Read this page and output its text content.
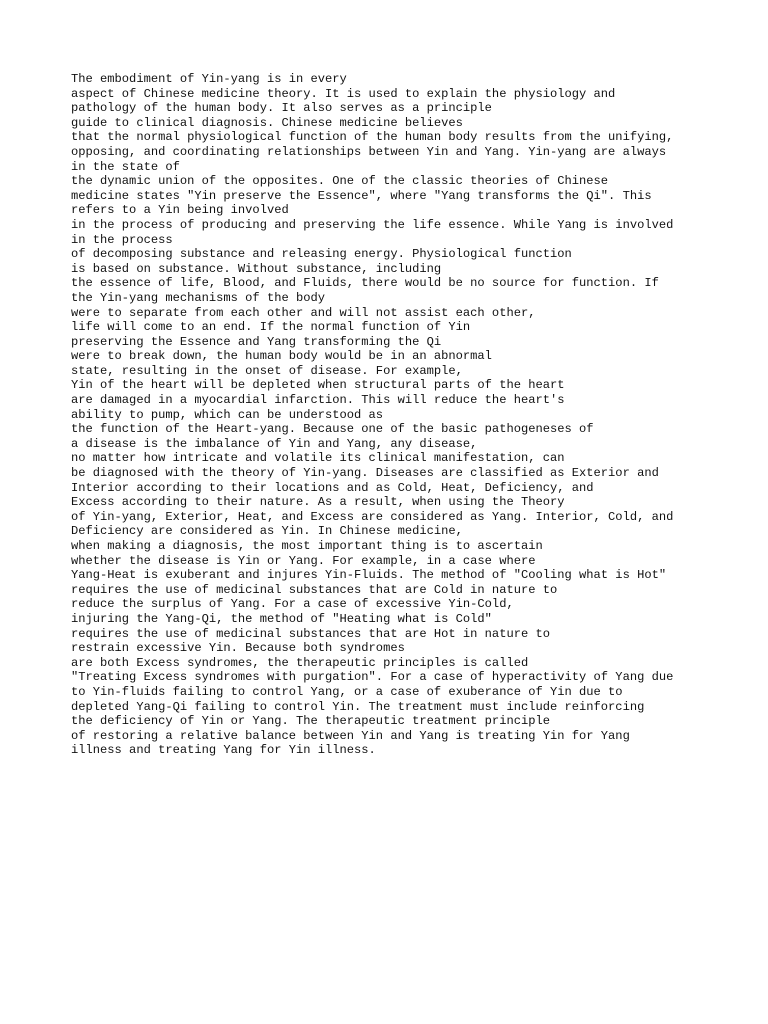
The embodiment of Yin-yang is in every
aspect of Chinese medicine theory. It is used to explain the physiology and
pathology of the human body. It also serves as a principle
guide to clinical diagnosis. Chinese medicine believes
that the normal physiological function of the human body results from the unifying,
opposing, and coordinating relationships between Yin and Yang. Yin-yang are always
in the state of
the dynamic union of the opposites. One of the classic theories of Chinese
medicine states "Yin preserve the Essence", where "Yang transforms the Qi". This
refers to a Yin being involved
in the process of producing and preserving the life essence. While Yang is involved
in the process
of decomposing substance and releasing energy. Physiological function
is based on substance. Without substance, including
the essence of life, Blood, and Fluids, there would be no source for function. If
the Yin-yang mechanisms of the body
were to separate from each other and will not assist each other,
life will come to an end. If the normal function of Yin
preserving the Essence and Yang transforming the Qi
were to break down, the human body would be in an abnormal
state, resulting in the onset of disease. For example,
Yin of the heart will be depleted when structural parts of the heart
are damaged in a myocardial infarction. This will reduce the heart's
ability to pump, which can be understood as
the function of the Heart-yang. Because one of the basic pathogeneses of
a disease is the imbalance of Yin and Yang, any disease,
no matter how intricate and volatile its clinical manifestation, can
be diagnosed with the theory of Yin-yang. Diseases are classified as Exterior and
Interior according to their locations and as Cold, Heat, Deficiency, and
Excess according to their nature. As a result, when using the Theory
of Yin-yang, Exterior, Heat, and Excess are considered as Yang. Interior, Cold, and
Deficiency are considered as Yin. In Chinese medicine,
when making a diagnosis, the most important thing is to ascertain
whether the disease is Yin or Yang. For example, in a case where
Yang-Heat is exuberant and injures Yin-Fluids. The method of "Cooling what is Hot"
requires the use of medicinal substances that are Cold in nature to
reduce the surplus of Yang. For a case of excessive Yin-Cold,
injuring the Yang-Qi, the method of "Heating what is Cold"
requires the use of medicinal substances that are Hot in nature to
restrain excessive Yin. Because both syndromes
are both Excess syndromes, the therapeutic principles is called
"Treating Excess syndromes with purgation". For a case of hyperactivity of Yang due
to Yin-fluids failing to control Yang, or a case of exuberance of Yin due to
depleted Yang-Qi failing to control Yin. The treatment must include reinforcing
the deficiency of Yin or Yang. The therapeutic treatment principle
of restoring a relative balance between Yin and Yang is treating Yin for Yang
illness and treating Yang for Yin illness.
